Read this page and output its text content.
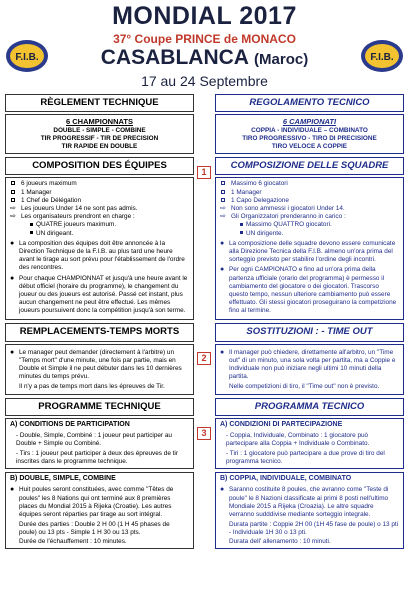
F.I.B.
MONDIAL 2017
37° Coupe PRINCE de MONACO
CASABLANCA (Maroc)
17 au 24 Septembre
F.I.B.
1
2
3
RÈGLEMENT TECHNIQUE
6 CHAMPIONNATS
DOUBLE - SIMPLE - COMBINE
TIR PROGRESSIF - TIR DE PRECISION
TIR RAPIDE EN DOUBLE
COMPOSITION DES ÉQUIPES
6 joueurs maximum
1 Manager
1 Chef de Délégation
⇨ Les joueurs Under 14 ne sont pas admis.
⇨ Les organisateurs prendront en charge :
QUATRE joueurs maximum.
UN dirigeant.
● La composition des équipes doit être annoncée à la Direction Technique de la F.I.B. au plus tard une heure avant le tirage au sort prévu pour l'établissement de l'ordre des rencontres.
● Pour chaque CHAMPIONNAT et jusqu'à une heure avant le début officiel (horaire du programme), le changement du joueur ou des joueurs est autorisé. Passé cet instant, plus aucun changement ne peut être effectué. Les mêmes joueurs poursuivent donc la compétition jusqu'à son terme.
REMPLACEMENTS-TEMPS MORTS
● Le manager peut demander (directement à l'arbitre) un "Temps mort" d'une minute, une fois par partie, mais en Double et Simple il ne peut débuter dans les 10 dernières minutes du temps prévu.
Il n'y a pas de temps mort dans les épreuves de Tir.
PROGRAMME TECHNIQUE
A) CONDITIONS DE PARTICIPATION
- Double, Simple, Combiné : 1 joueur peut participer au Double + Simple ou Combiné.
- Tirs : 1 joueur peut participer à deux des épreuves de tir inscrites dans le programme technique.
B) DOUBLE, SIMPLE, COMBINE
● Huit poules seront constituées, avec comme "Têtes de poules" les 8 Nations qui ont terminé aux 8 premières places du Mondial 2015 à Rijeka (Croatie). Les autres équipes seront réparties par tirage au sort intégral.
Durée des parties : Double 2 H 00 (1 H 45 phases de poule) ou 13 pts - Simple 1 H 30 ou 13 pts.
Durée de l'échauffement : 10 minutes.
REGOLAMENTO TECNICO
6 CAMPIONATI
COPPIA - INDIVIDUALE – COMBINATO
TIRO PROGRESSIVO - TIRO DI PRECISIONE
TIRO VELOCE A COPPIE
COMPOSIZIONE DELLE SQUADRE
Massimo 6 giocatori
1 Manager
1 Capo Delegazione
⇨ Non sono ammessi i giocatori Under 14.
⇨ Gli Organizzatori prenderanno in carico :
Massimo QUATTRO giocatori.
UN dirigente.
● La composizione delle squadre devono essere comunicate alla Direzione Tecnica della F.I.B. almeno un'ora prima del sorteggio previsto per stabilire l'ordine degli incontri.
● Per ogni CAMPIONATO e fino ad un'ora prima della partenza ufficiale (orario del programma) è permesso il cambiamento del giocatore o dei giocatori. Trascorso questo tempo, nessun ulteriore cambiamento può essere effettuato. Gli stessi giocatori proseguirano la competizione fino al termine.
SOSTITUZIONI : - TIME OUT
● Il manager può chiedere, direttamente all'arbitro, un "Time out" di un minuto, una sola volta per partita, ma a Coppie e Individuale non può iniziare negli ultimi 10 minuti della partita.
Nelle competizioni di tiro, il "Time out" non è previsto.
PROGRAMMA TECNICO
A) CONDIZIONI DI PARTECIPAZIONE
- Coppia, Individuale, Combinato : 1 giocatore può partecipare alla Coppia + Individuale o Combinato.
- Tiri : 1 giocatore può partecipare a due prove di tiro del programma tecnico.
B) COPPIA, INDIVIDUALE, COMBINATO
● Saranno costituite 8 poules, che avranno come "Teste di poule" le 8 Nazioni classificate ai primi 8 posti nell'ultimo Mondiale 2015 a Rijeka (Croazia). Le altre squadre verranno sudddivise mediante sorteggio integrale.
Durata partite : Coppie 2H 00 (1H 45 fase de poule) o 13 pti - Individuale 1H 30 o 13 pti.
Durata dell' allenamento : 10 minuti.
